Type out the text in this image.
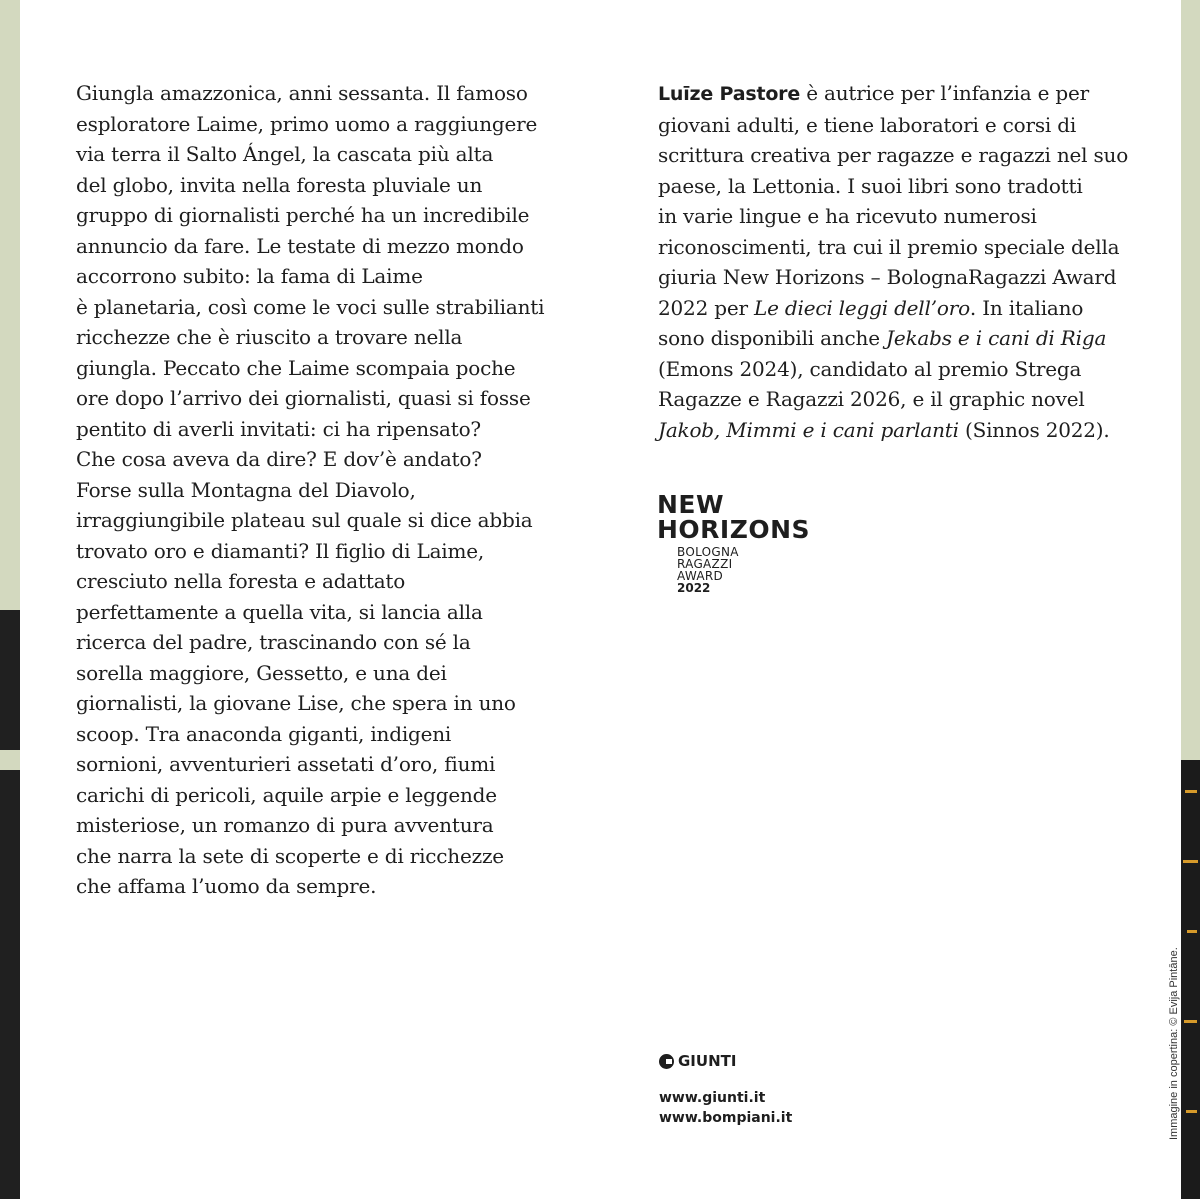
Giungla amazzonica, anni sessanta. Il famoso
esploratore Laime, primo uomo a raggiungere
via terra il Salto Ángel, la cascata più alta
del globo, invita nella foresta pluviale un
gruppo di giornalisti perché ha un incredibile
annuncio da fare. Le testate di mezzo mondo
accorrono subito: la fama di Laime
è planetaria, così come le voci sulle strabilianti
ricchezze che è riuscito a trovare nella
giungla. Peccato che Laime scompaia poche
ore dopo l’arrivo dei giornalisti, quasi si fosse
pentito di averli invitati: ci ha ripensato?
Che cosa aveva da dire? E dov’è andato?
Forse sulla Montagna del Diavolo,
irraggiungibile plateau sul quale si dice abbia
trovato oro e diamanti? Il figlio di Laime,
cresciuto nella foresta e adattato
perfettamente a quella vita, si lancia alla
ricerca del padre, trascinando con sé la
sorella maggiore, Gessetto, e una dei
giornalisti, la giovane Lise, che spera in uno
scoop. Tra anaconda giganti, indigeni
sornioni, avventurieri assetati d’oro, fiumi
carichi di pericoli, aquile arpie e leggende
misteriose, un romanzo di pura avventura
che narra la sete di scoperte e di ricchezze
che affama l’uomo da sempre.
Luīze Pastore è autrice per l’infanzia e per
giovani adulti, e tiene laboratori e corsi di
scrittura creativa per ragazze e ragazzi nel suo
paese, la Lettonia. I suoi libri sono tradotti
in varie lingue e ha ricevuto numerosi
riconoscimenti, tra cui il premio speciale della
giuria New Horizons – BolognaRagazzi Award
2022 per Le dieci leggi dell’oro. In italiano
sono disponibili anche Jekabs e i cani di Riga
(Emons 2024), candidato al premio Strega
Ragazze e Ragazzi 2026, e il graphic novel
Jakob, Mimmi e i cani parlanti (Sinnos 2022).
NEW
HORIZONS
BOLOGNA
RAGAZZI
AWARD
2022
GIUNTI
www.giunti.it
www.bompiani.it	Immagine in copertina: © Evija Pintāne.
